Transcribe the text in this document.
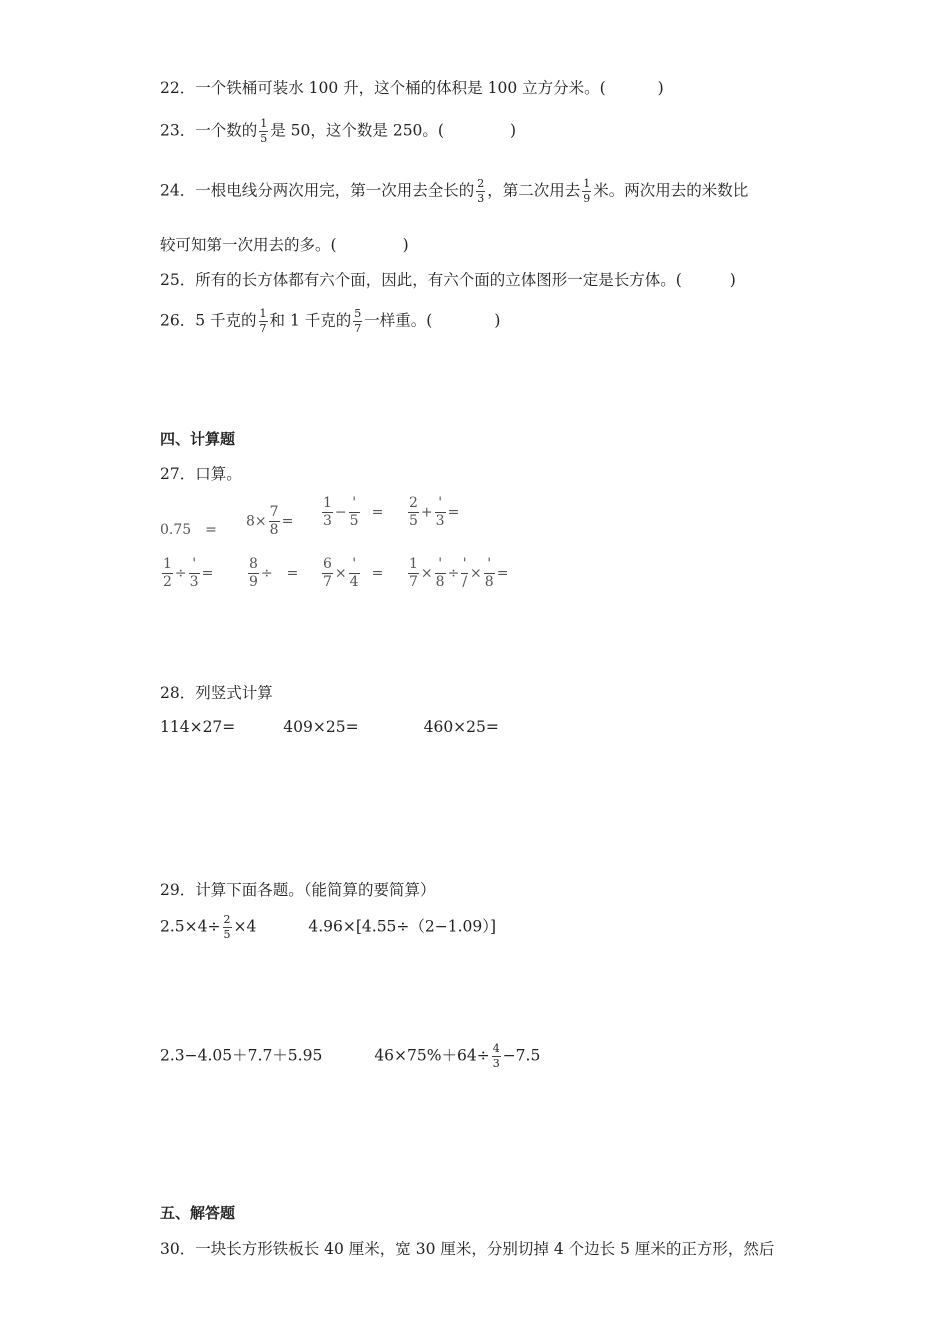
22．一个铁桶可装水 100 升，这个桶的体积是 100 立方分米。(	)
23．一个数的 $\frac{1}{5}$ 是 50，这个数是 250。(	)
24．一根电线分两次用完，第一次用去全长的 $\frac{2}{3}$ ，第二次用去 $\frac{1}{9}$ 米。两次用去的米数比
较可知第一次用去的多。(	)
25．所有的长方体都有六个面，因此，有六个面的立体图形一定是长方体。(	)
26．5 千克的 $\frac{1}{7}$ 和 1 千克的 $\frac{5}{7}$ 一样重。(	)
四、计算题
27．口算。
0.75　=
$8\times \frac{7}{8} = \frac{1}{3} - \frac{'}{5} = \frac{2}{5} + \frac{'}{3}$ =
$\frac{1}{2} \div \frac{'}{3} = \frac{8}{9}$ ÷　= $\frac{6}{7} \times \frac{'}{4} = \frac{1}{7} \times \frac{'}{8} \div \frac{'}{/} \times \frac{'}{8}$ =
28．列竖式计算
114×27=	409×25=	460×25=
29．计算下面各题。（能简算的要简算）
$2.5\times 4\div \frac{2}{5} \times 4$	4.96×[4.55÷（2−1.09）]
2.3−4.05＋7.7＋5.95	$46\times 75\%+64\div \frac{4}{3} -7.5$
五、解答题
30．一块长方形铁板长 40 厘米，宽 30 厘米，分别切掉 4 个边长 5 厘米的正方形，然后
